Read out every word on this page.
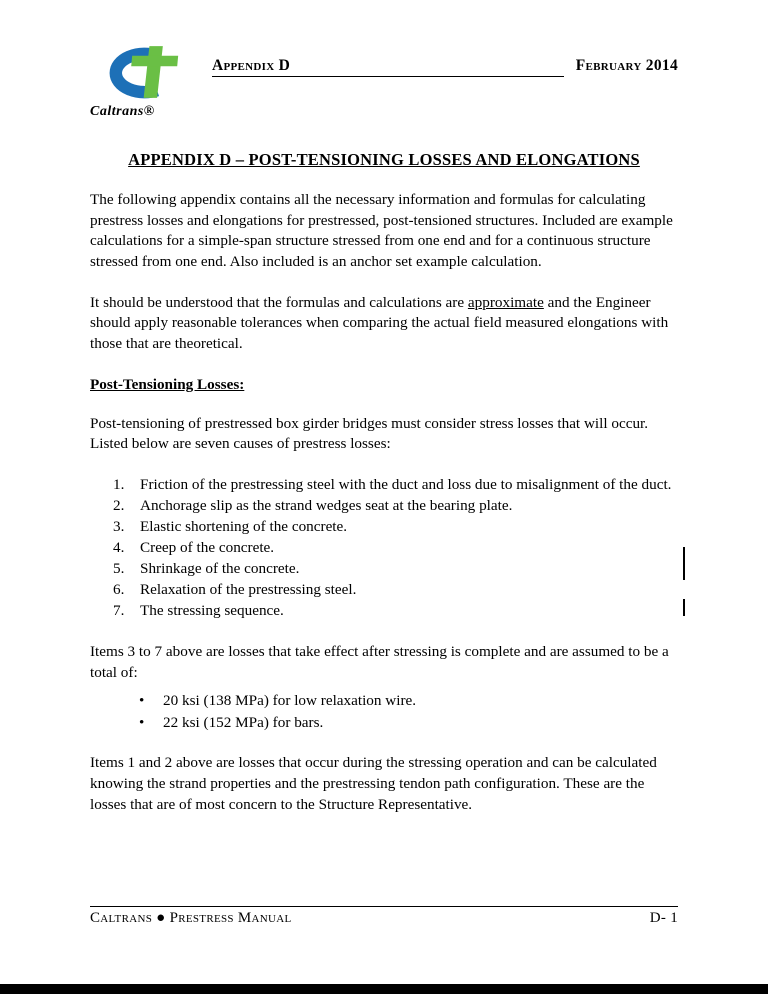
Caltrans®
Appendix D	February 2014
APPENDIX D – POST-TENSIONING LOSSES AND ELONGATIONS

The following appendix contains all the necessary information and formulas for calculating prestress losses and elongations for prestressed, post-tensioned structures. Included are example calculations for a simple-span structure stressed from one end and for a continuous structure stressed from one end. Also included is an anchor set example calculation.

It should be understood that the formulas and calculations are approximate and the Engineer should apply reasonable tolerances when comparing the actual field measured elongations with those that are theoretical.

Post-Tensioning Losses:

Post-tensioning of prestressed box girder bridges must consider stress losses that will occur. Listed below are seven causes of prestress losses:

1.	Friction of the prestressing steel with the duct and loss due to misalignment of the duct.
2.	Anchorage slip as the strand wedges seat at the bearing plate.
3.	Elastic shortening of the concrete.
4.	Creep of the concrete.
5.	Shrinkage of the concrete.
6.	Relaxation of the prestressing steel.
7.	The stressing sequence.

Items 3 to 7 above are losses that take effect after stressing is complete and are assumed to be a total of:

•	20 ksi (138 MPa) for low relaxation wire.
•	22 ksi (152 MPa) for bars.

Items 1 and 2 above are losses that occur during the stressing operation and can be calculated knowing the strand properties and the prestressing tendon path configuration. These are the losses that are of most concern to the Structure Representative.

Caltrans ● Prestress Manual	D- 1
